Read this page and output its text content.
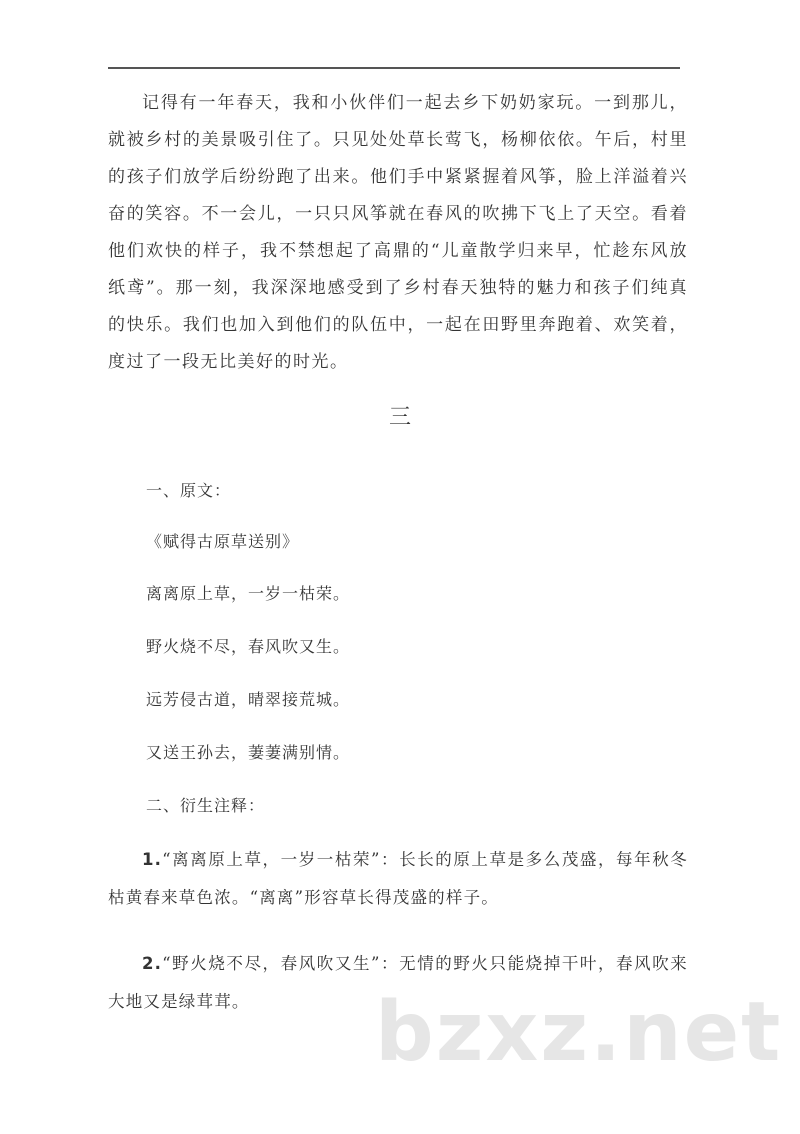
记得有一年春天，我和小伙伴们一起去乡下奶奶家玩。一到那儿，就被乡村的美景吸引住了。只见处处草长莺飞，杨柳依依。午后，村里的孩子们放学后纷纷跑了出来。他们手中紧紧握着风筝，脸上洋溢着兴奋的笑容。不一会儿，一只只风筝就在春风的吹拂下飞上了天空。看着他们欢快的样子，我不禁想起了高鼎的“儿童散学归来早，忙趁东风放纸鸢”。那一刻，我深深地感受到了乡村春天独特的魅力和孩子们纯真的快乐。我们也加入到他们的队伍中，一起在田野里奔跑着、欢笑着，度过了一段无比美好的时光。

三
一、原文：
《赋得古原草送别》
离离原上草，一岁一枯荣。
野火烧不尽，春风吹又生。
远芳侵古道，晴翠接荒城。
又送王孙去，萋萋满别情。
二、衍生注释：

1.“离离原上草，一岁一枯荣”：长长的原上草是多么茂盛，每年秋冬枯黄春来草色浓。“离离”形容草长得茂盛的样子。

2.“野火烧不尽，春风吹又生”：无情的野火只能烧掉干叶，春风吹来大地又是绿茸茸。	bzxz.net
